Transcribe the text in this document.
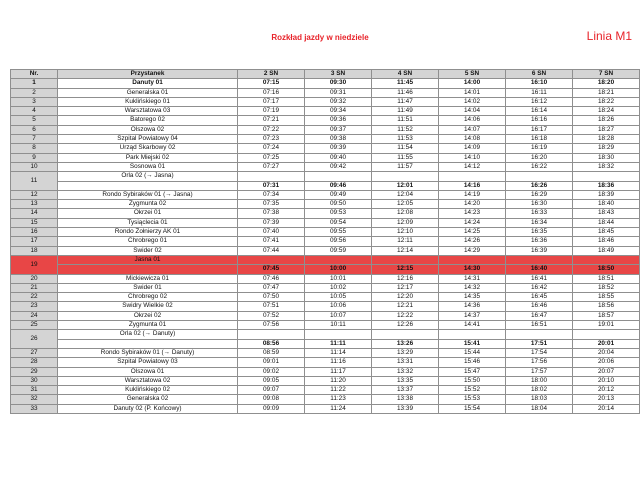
Rozkład jazdy w niedziele	Linia M1
Nr.	Przystanek	2 SN	3 SN	4 SN	5 SN	6 SN	7 SN
1	Danuty 01	07:15	09:30	11:45	14:00	16:10	18:20
2	Generalska 01	07:16	09:31	11:46	14:01	16:11	18:21
3	Kuklińskiego 01	07:17	09:32	11:47	14:02	16:12	18:22
4	Warsztatowa 03	07:19	09:34	11:49	14:04	16:14	18:24
5	Batorego 02	07:21	09:36	11:51	14:06	16:16	18:26
6	Olszowa 02	07:22	09:37	11:52	14:07	16:17	18:27
7	Szpital Powiatowy 04	07:23	09:38	11:53	14:08	16:18	18:28
8	Urząd Skarbowy 02	07:24	09:39	11:54	14:09	16:19	18:29
9	Park Miejski 02	07:25	09:40	11:55	14:10	16:20	18:30
10	Sosnowa 01	07:27	09:42	11:57	14:12	16:22	18:32
11	Orla 02 (→ Jasna)						
		07:31	09:46	12:01	14:16	16:26	18:36
12	Rondo Sybiraków 01 (→ Jasna)	07:34	09:49	12:04	14:19	16:29	18:39
13	Zygmunta 02	07:35	09:50	12:05	14:20	16:30	18:40
14	Okrzei 01	07:38	09:53	12:08	14:23	16:33	18:43
15	Tysiąclecia 01	07:39	09:54	12:09	14:24	16:34	18:44
16	Rondo Żołnierzy AK 01	07:40	09:55	12:10	14:25	16:35	18:45
17	Chrobrego 01	07:41	09:56	12:11	14:26	16:36	18:46
18	Świder 02	07:44	09:59	12:14	14:29	16:39	18:49
19	Jasna 01						
		07:45	10:00	12:15	14:30	16:40	18:50
20	Mickiewicza 01	07:46	10:01	12:16	14:31	16:41	18:51
21	Świder 01	07:47	10:02	12:17	14:32	16:42	18:52
22	Chrobrego 02	07:50	10:05	12:20	14:35	16:45	18:55
23	Świdry Wielkie 02	07:51	10:06	12:21	14:36	16:46	18:56
24	Okrzei 02	07:52	10:07	12:22	14:37	16:47	18:57
25	Zygmunta 01	07:56	10:11	12:26	14:41	16:51	19:01
26	Orla 02 (→ Danuty)						
		08:56	11:11	13:26	15:41	17:51	20:01
27	Rondo Sybiraków 01 (→ Danuty)	08:59	11:14	13:29	15:44	17:54	20:04
28	Szpital Powiatowy 03	09:01	11:16	13:31	15:46	17:56	20:06
29	Olszowa 01	09:02	11:17	13:32	15:47	17:57	20:07
30	Warsztatowa 02	09:05	11:20	13:35	15:50	18:00	20:10
31	Kuklińskiego 02	09:07	11:22	13:37	15:52	18:02	20:12
32	Generalska 02	09:08	11:23	13:38	15:53	18:03	20:13
33	Danuty 02 (P. Końcowy)	09:09	11:24	13:39	15:54	18:04	20:14
